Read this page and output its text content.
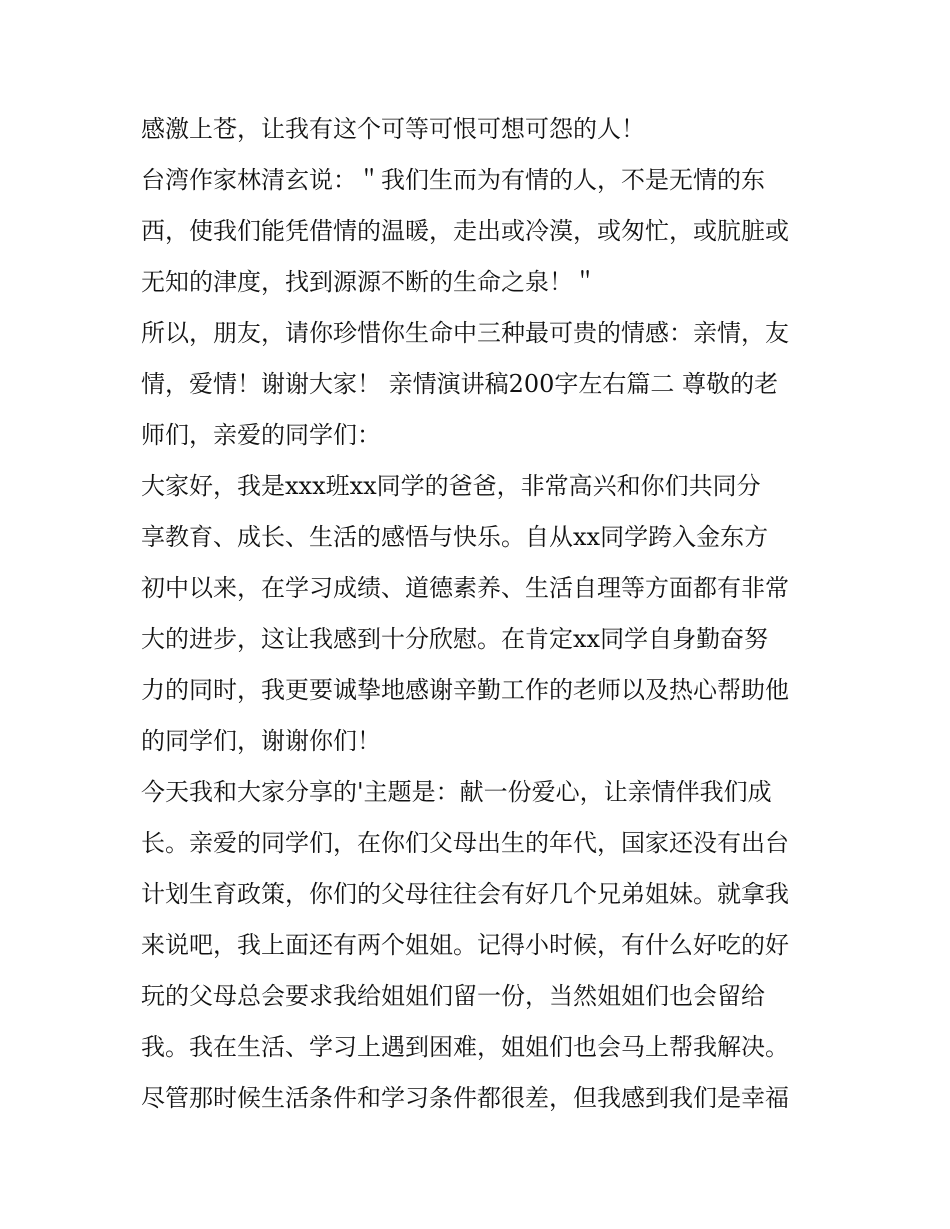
感激上苍，让我有这个可等可恨可想可怨的人！

台湾作家林清玄说：＂我们生而为有情的人，不是无情的东

西，使我们能凭借情的温暖，走出或冷漠，或匆忙，或肮脏或

无知的津度，找到源源不断的生命之泉！＂

所以，朋友，请你珍惜你生命中三种最可贵的情感：亲情，友

情，爱情！谢谢大家！ 亲情演讲稿200字左右篇二 尊敬的老

师们，亲爱的同学们：

大家好，我是xxx班xx同学的爸爸，非常高兴和你们共同分

享教育、成长、生活的感悟与快乐。自从xx同学跨入金东方

初中以来，在学习成绩、道德素养、生活自理等方面都有非常

大的进步，这让我感到十分欣慰。在肯定xx同学自身勤奋努

力的同时，我更要诚挚地感谢辛勤工作的老师以及热心帮助他

的同学们，谢谢你们！

今天我和大家分享的'主题是：献一份爱心，让亲情伴我们成

长。亲爱的同学们，在你们父母出生的年代，国家还没有出台

计划生育政策，你们的父母往往会有好几个兄弟姐妹。就拿我

来说吧，我上面还有两个姐姐。记得小时候，有什么好吃的好

玩的父母总会要求我给姐姐们留一份，当然姐姐们也会留给

我。我在生活、学习上遇到困难，姐姐们也会马上帮我解决。

尽管那时候生活条件和学习条件都很差，但我感到我们是幸福
